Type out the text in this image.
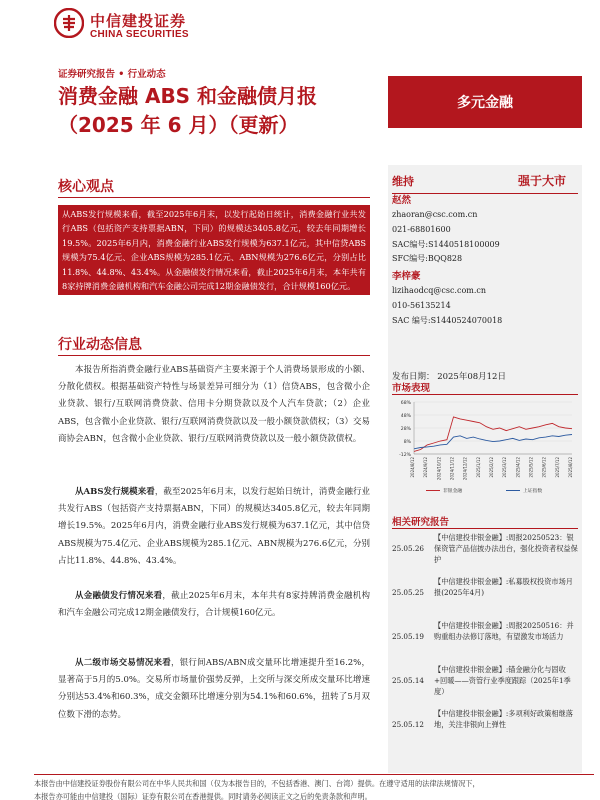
中信建投证券
CHINA SECURITIES
证券研究报告 • 行业动态
消费金融 ABS 和金融债月报
（2025 年 6 月）（更新）
多元金融
核心观点
从ABS发行规模来看，截至2025年6月末，以发行起始日统计，消费金融行业共发行ABS（包括资产支持票据ABN，下同）的规模达3405.8亿元，较去年同期增长19.5%。2025年6月内，消费金融行业ABS发行规模为637.1亿元，其中信贷ABS规模为75.4亿元、企业ABS规模为285.1亿元、ABN规模为276.6亿元，分别占比11.8%、44.8%、43.4%。从金融债发行情况来看，截止2025年6月末，本年共有8家持牌消费金融机构和汽车金融公司完成12期金融债发行，合计规模160亿元。
行业动态信息
本报告所指消费金融行业ABS基础资产主要来源于个人消费场景形成的小额、分散化债权。根据基础资产特性与场景差异可细分为（1）信贷ABS，包含微小企业贷款、银行/互联网消费贷款、信用卡分期贷款以及个人汽车贷款；（2）企业ABS，包含微小企业贷款、银行/互联网消费贷款以及一般小额贷款债权；（3）交易商协会ABN，包含微小企业贷款、银行/互联网消费贷款以及一般小额贷款债权。
从ABS发行规模来看，截至2025年6月末，以发行起始日统计，消费金融行业共发行ABS（包括资产支持票据ABN，下同）的规模达3405.8亿元，较去年同期增长19.5%。2025年6月内，消费金融行业ABS发行规模为637.1亿元，其中信贷ABS规模为75.4亿元、企业ABS规模为285.1亿元、ABN规模为276.6亿元，分别占比11.8%、44.8%、43.4%。
从金融债发行情况来看，截止2025年6月末，本年共有8家持牌消费金融机构和汽车金融公司完成12期金融债发行，合计规模160亿元。
从二级市场交易情况来看，银行间ABS/ABN成交量环比增速提升至16.2%，显著高于5月的5.0%。交易所市场量价强势反弹，上交所与深交所成交量环比增速分别达53.4%和60.3%，成交金额环比增速分别为54.1%和60.6%，扭转了5月双位数下滑的态势。
维持	强于大市
赵然
zhaoran@csc.com.cn
021-68801600
SAC编号:S1440518100009
SFC编号:BQQ828
李梓豪
lizihaodcq@csc.com.cn
010-56135214
SAC 编号:S1440524070018
发布日期： 2025年08月12日
市场表现
68%
48%
28%
8%
-12%
2024/8/12 2024/9/12 2024/10/12 2024/11/12 2024/12/12 2025/1/12 2025/2/12 2025/3/12 2025/4/12 2025/5/12 2025/6/12 2025/7/12 2025/8/12
非银金融	上证指数
相关研究报告
25.05.26
【中信建投非银金融】:周报20250523：银保资管产品信披办法出台，强化投资者权益保护
25.05.25
【中信建投非银金融】:私募股权投资市场月报(2025年4月)
25.05.19
【中信建投非银金融】:周报20250516：并购重组办法修订落地，有望激发市场活力
25.05.14
【中信建投非银金融】:锚金融分化与固收+回暖——资管行业季度跟踪（2025年1季度）
25.05.12
【中信建投非银金融】:多项利好政策相继落地，关注非银向上弹性
本报告由中信建投证券股份有限公司在中华人民共和国（仅为本报告目的，不包括香港、澳门、台湾）提供。在遵守适用的法律法规情况下，
本报告亦可能由中信建投（国际）证券有限公司在香港提供。同时请务必阅读正文之后的免责条款和声明。
